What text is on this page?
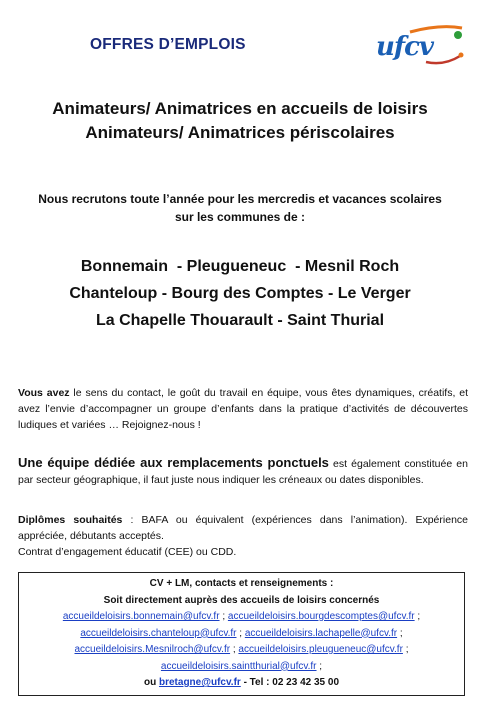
OFFRES D’EMPLOIS	ufcv
Animateurs/ Animatrices en accueils de loisirs
Animateurs/ Animatrices périscolaires
Nous recrutons toute l’année pour les mercredis et vacances scolaires
sur les communes de :
Bonnemain  - Pleugueneuc  - Mesnil Roch
Chanteloup - Bourg des Comptes - Le Verger
La Chapelle Thouarault - Saint Thurial
Vous avez le sens du contact, le goût du travail en équipe, vous êtes dynamiques, créatifs, et avez l’envie d’accompagner un groupe d’enfants dans la pratique d’activités de découvertes ludiques et variées … Rejoignez-nous !
Une équipe dédiée aux remplacements ponctuels est également constituée en par secteur géographique, il faut juste nous indiquer les créneaux ou dates disponibles.
Diplômes souhaités : BAFA ou équivalent (expériences dans l’animation). Expérience appréciée, débutants acceptés.
Contrat d’engagement éducatif (CEE) ou CDD.
CV + LM, contacts et renseignements :
Soit directement auprès des accueils de loisirs concernés
accueildeloisirs.bonnemain@ufcv.fr ; accueildeloisirs.bourgdescomptes@ufcv.fr ;
accueildeloisirs.chanteloup@ufcv.fr ; accueildeloisirs.lachapelle@ufcv.fr ;
accueildeloisirs.Mesnilroch@ufcv.fr ; accueildeloisirs.pleugueneuc@ufcv.fr ;
accueildeloisirs.saintthurial@ufcv.fr ;
ou bretagne@ufcv.fr - Tel : 02 23 42 35 00
